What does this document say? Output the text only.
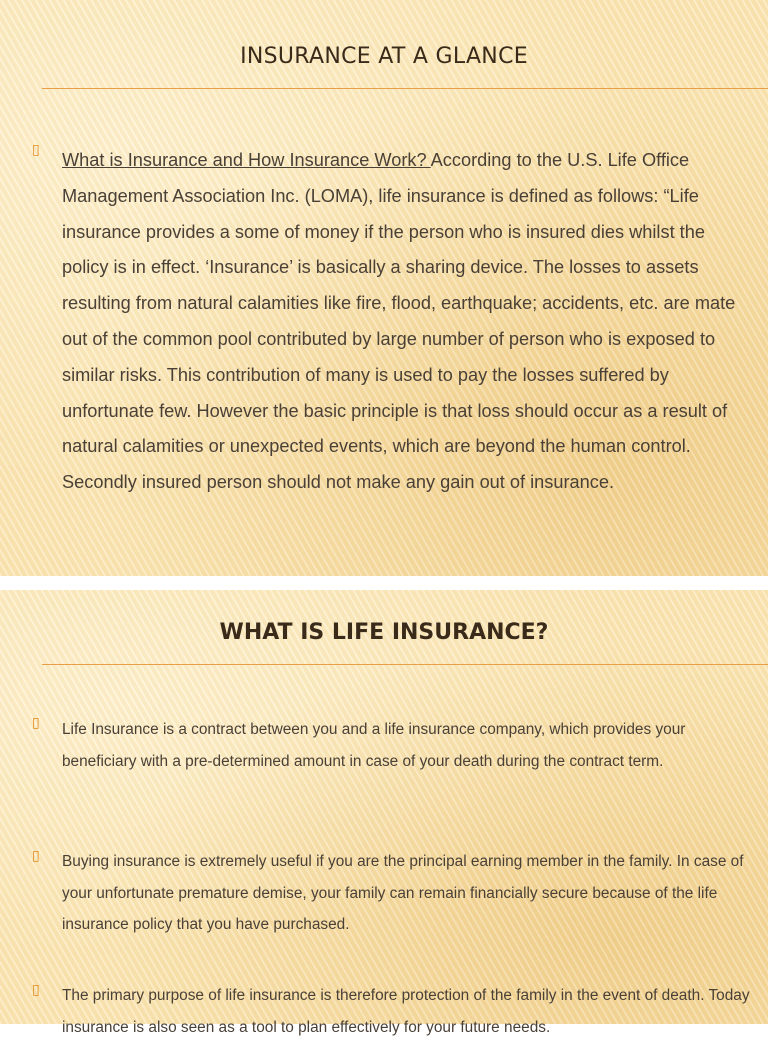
INSURANCE AT A GLANCE
▯ What is Insurance and How Insurance Work? According to the U.S. Life Office Management Association Inc. (LOMA), life insurance is defined as follows: “Life insurance provides a some of money if the person who is insured dies whilst the policy is in effect. ‘Insurance’ is basically a sharing device. The losses to assets resulting from natural calamities like fire, flood, earthquake; accidents, etc. are mate out of the common pool contributed by large number of person who is exposed to similar risks. This contribution of many is used to pay the losses suffered by unfortunate few. However the basic principle is that loss should occur as a result of natural calamities or unexpected events, which are beyond the human control. Secondly insured person should not make any gain out of insurance.
WHAT IS LIFE INSURANCE?
▯ Life Insurance is a contract between you and a life insurance company, which provides your beneficiary with a pre-determined amount in case of your death during the contract term.
▯ Buying insurance is extremely useful if you are the principal earning member in the family. In case of your unfortunate premature demise, your family can remain financially secure because of the life insurance policy that you have purchased.
▯ The primary purpose of life insurance is therefore protection of the family in the event of death. Today insurance is also seen as a tool to plan effectively for your future needs.
